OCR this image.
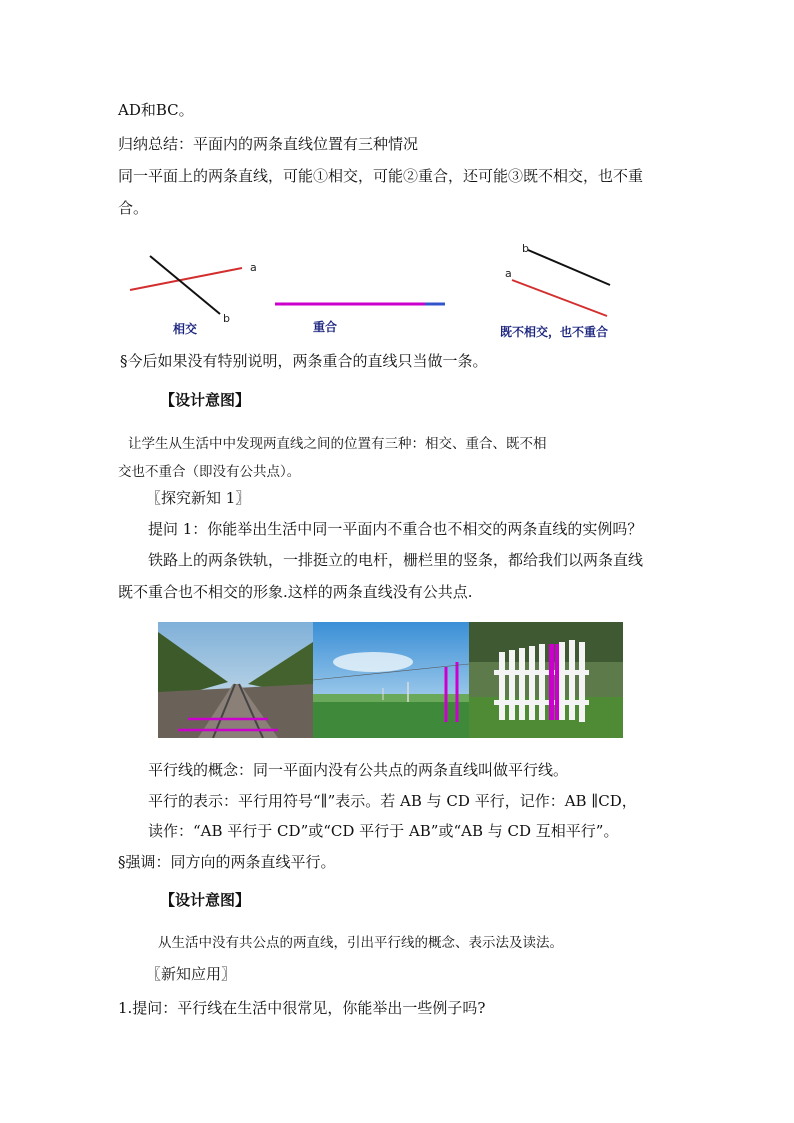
AD和BC。
归纳总结：平面内的两条直线位置有三种情况
同一平面上的两条直线，可能①相交，可能②重合，还可能③既不相交，也不重
合。
a
b
b
a
相交	重合	既不相交，也不重合
§今后如果没有特别说明，两条重合的直线只当做一条。
【设计意图】
让学生从生活中中发现两直线之间的位置有三种：相交、重合、既不相
交也不重合（即没有公共点）。
〖探究新知 1〗
提问 1：你能举出生活中同一平面内不重合也不相交的两条直线的实例吗？
铁路上的两条铁轨，一排挺立的电杆，栅栏里的竖条，都给我们以两条直线
既不重合也不相交的形象.这样的两条直线没有公共点.
平行线的概念：同一平面内没有公共点的两条直线叫做平行线。
平行的表示：平行用符号“∥”表示。若 AB 与 CD 平行，记作：AB ∥CD，
读作：“AB 平行于 CD”或“CD 平行于 AB”或“AB 与 CD 互相平行”。
§强调：同方向的两条直线平行。
【设计意图】
从生活中没有共公点的两直线，引出平行线的概念、表示法及读法。
〖新知应用〗
1.提问：平行线在生活中很常见，你能举出一些例子吗?
